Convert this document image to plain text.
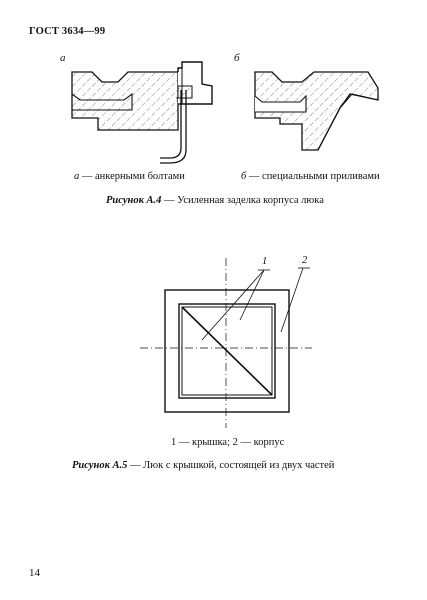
ГОСТ 3634—99
а	б
а — анкерными болтами	б — специальными приливами
Рисунок А.4 — Усиленная заделка корпуса люка
1	2
1 — крышка; 2 — корпус
Рисунок А.5 — Люк с крышкой, состоящей из двух частей
14
